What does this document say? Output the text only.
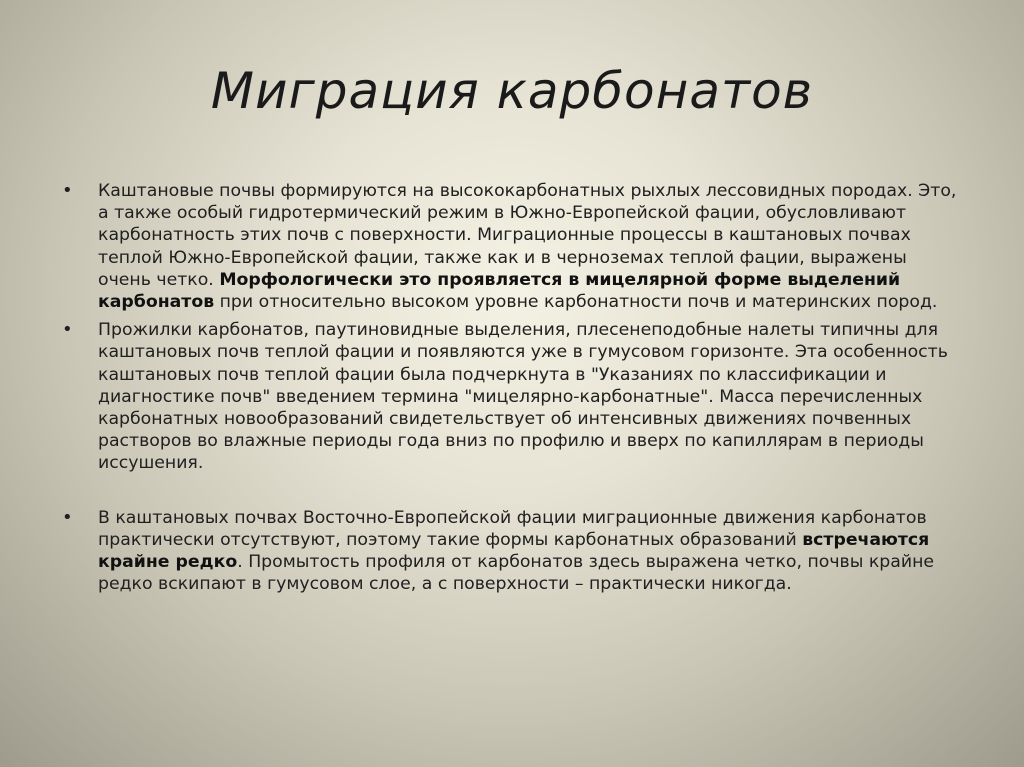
Миграция карбонатов
• Каштановые почвы формируются на высококарбонатных рыхлых лессовидных породах. Это, а также особый гидротермический режим в Южно-Европейской фации, обусловливают карбонатность этих почв с поверхности. Миграционные процессы в каштановых почвах теплой Южно-Европейской фации, также как и в черноземах теплой фации, выражены очень четко. Морфологически это проявляется в мицелярной форме выделений карбонатов при относительно высоком уровне карбонатности почв и материнских пород.
• Прожилки карбонатов, паутиновидные выделения, плесенеподобные налеты типичны для каштановых почв теплой фации и появляются уже в гумусовом горизонте. Эта особенность каштановых почв теплой фации была подчеркнута в "Указаниях по классификации и диагностике почв" введением термина "мицелярно-карбонатные". Масса перечисленных карбонатных новообразований свидетельствует об интенсивных движениях почвенных растворов во влажные периоды года вниз по профилю и вверх по капиллярам в периоды иссушения.
• В каштановых почвах Восточно-Европейской фации миграционные движения карбонатов практически отсутствуют, поэтому такие формы карбонатных образований встречаются крайне редко. Промытость профиля от карбонатов здесь выражена четко, почвы крайне редко вскипают в гумусовом слое, а с поверхности – практически никогда.
